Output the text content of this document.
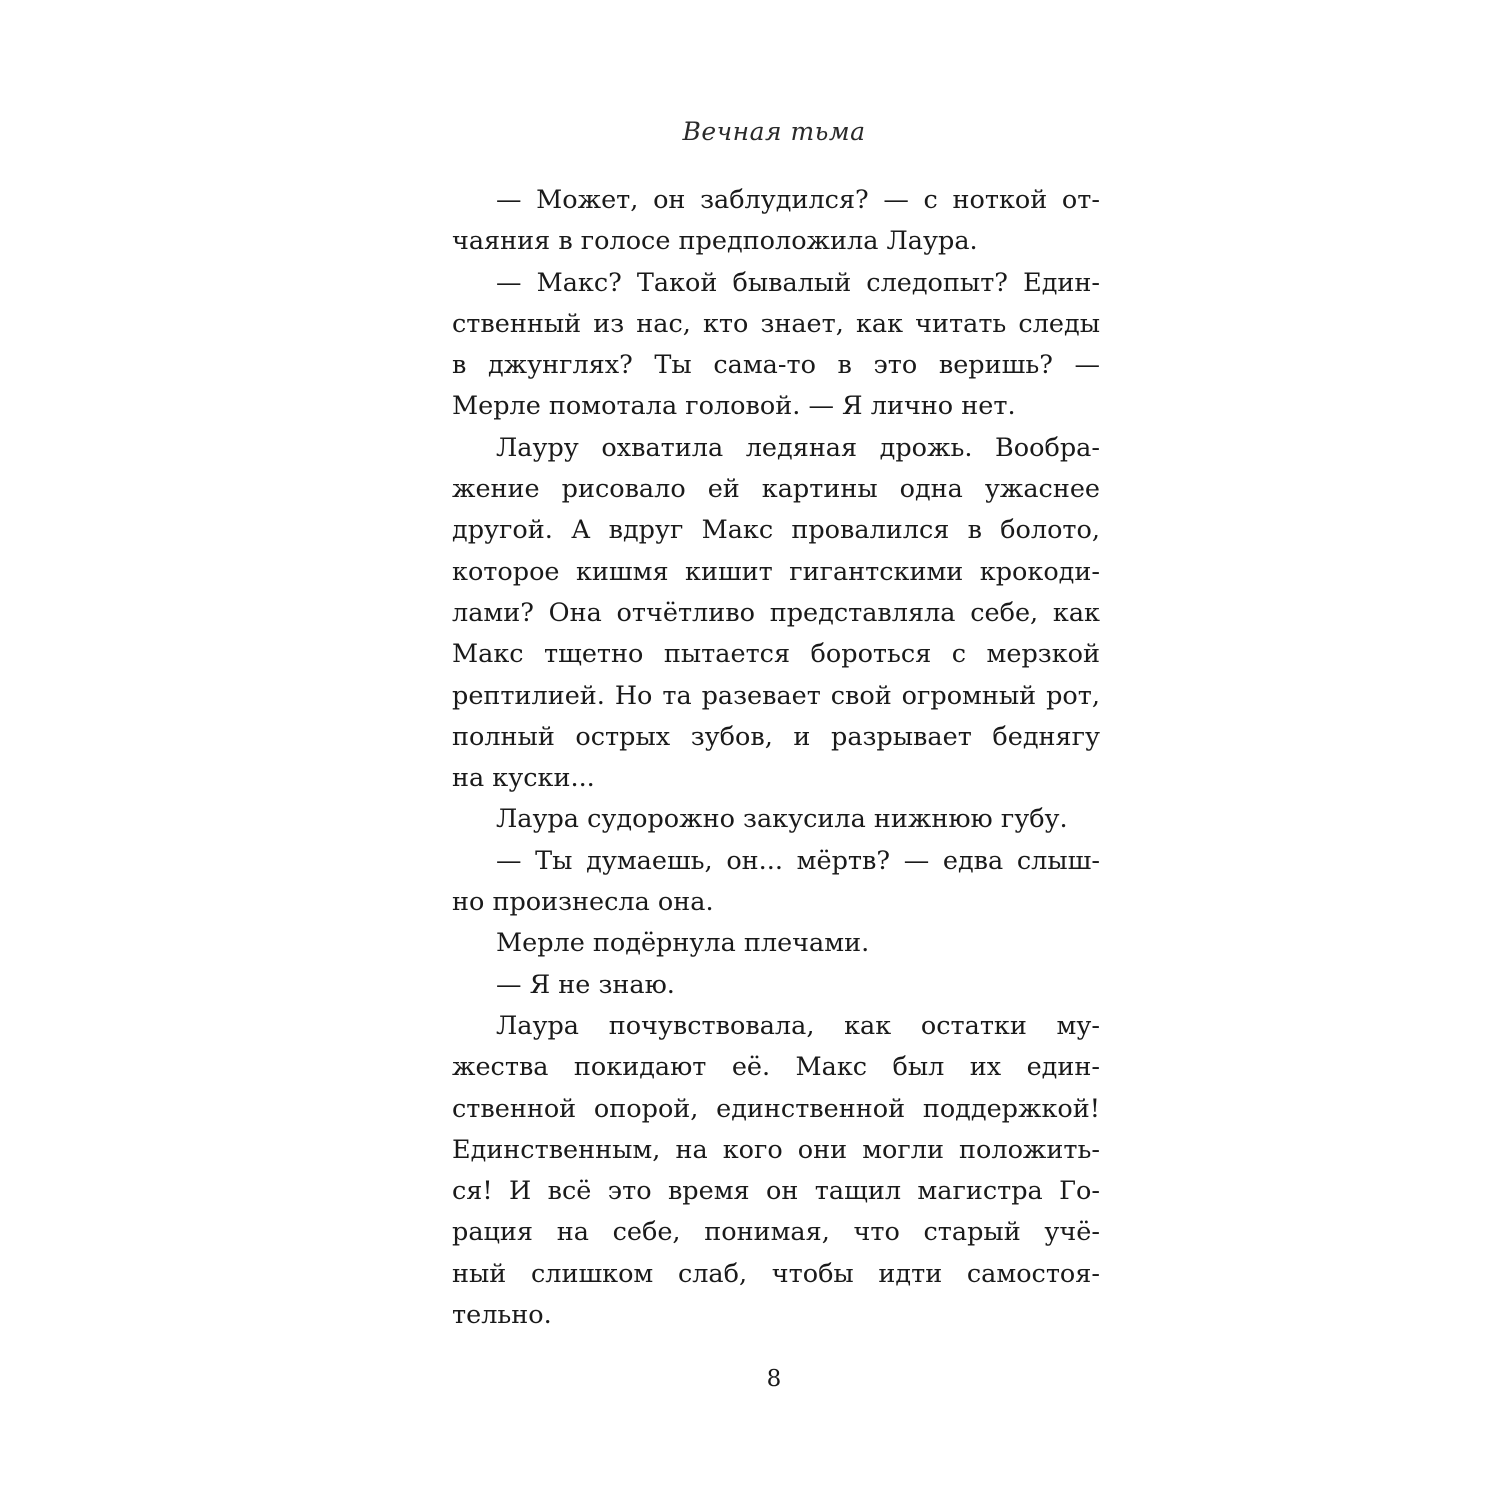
Вечная тьма
— Может, он заблудился? — с ноткой от-
чаяния в голосе предположила Лаура.
— Макс? Такой бывалый следопыт? Един-
ственный из нас, кто знает, как читать следы
в джунглях? Ты сама-то в это веришь? —
Мерле помотала головой. — Я лично нет.
Лауру охватила ледяная дрожь. Вообра-
жение рисовало ей картины одна ужаснее
другой. А вдруг Макс провалился в болото,
которое кишмя кишит гигантскими крокоди-
лами? Она отчётливо представляла себе, как
Макс тщетно пытается бороться с мерзкой
рептилией. Но та разевает свой огромный рот,
полный острых зубов, и разрывает беднягу
на куски...
Лаура судорожно закусила нижнюю губу.
— Ты думаешь, он... мёртв? — едва слыш-
но произнесла она.
Мерле подёрнула плечами.
— Я не знаю.
Лаура почувствовала, как остатки му-
жества покидают её. Макс был их един-
ственной опорой, единственной поддержкой!
Единственным, на кого они могли положить-
ся! И всё это время он тащил магистра Го-
рация на себе, понимая, что старый учё-
ный слишком слаб, чтобы идти самостоя-
тельно.
8
